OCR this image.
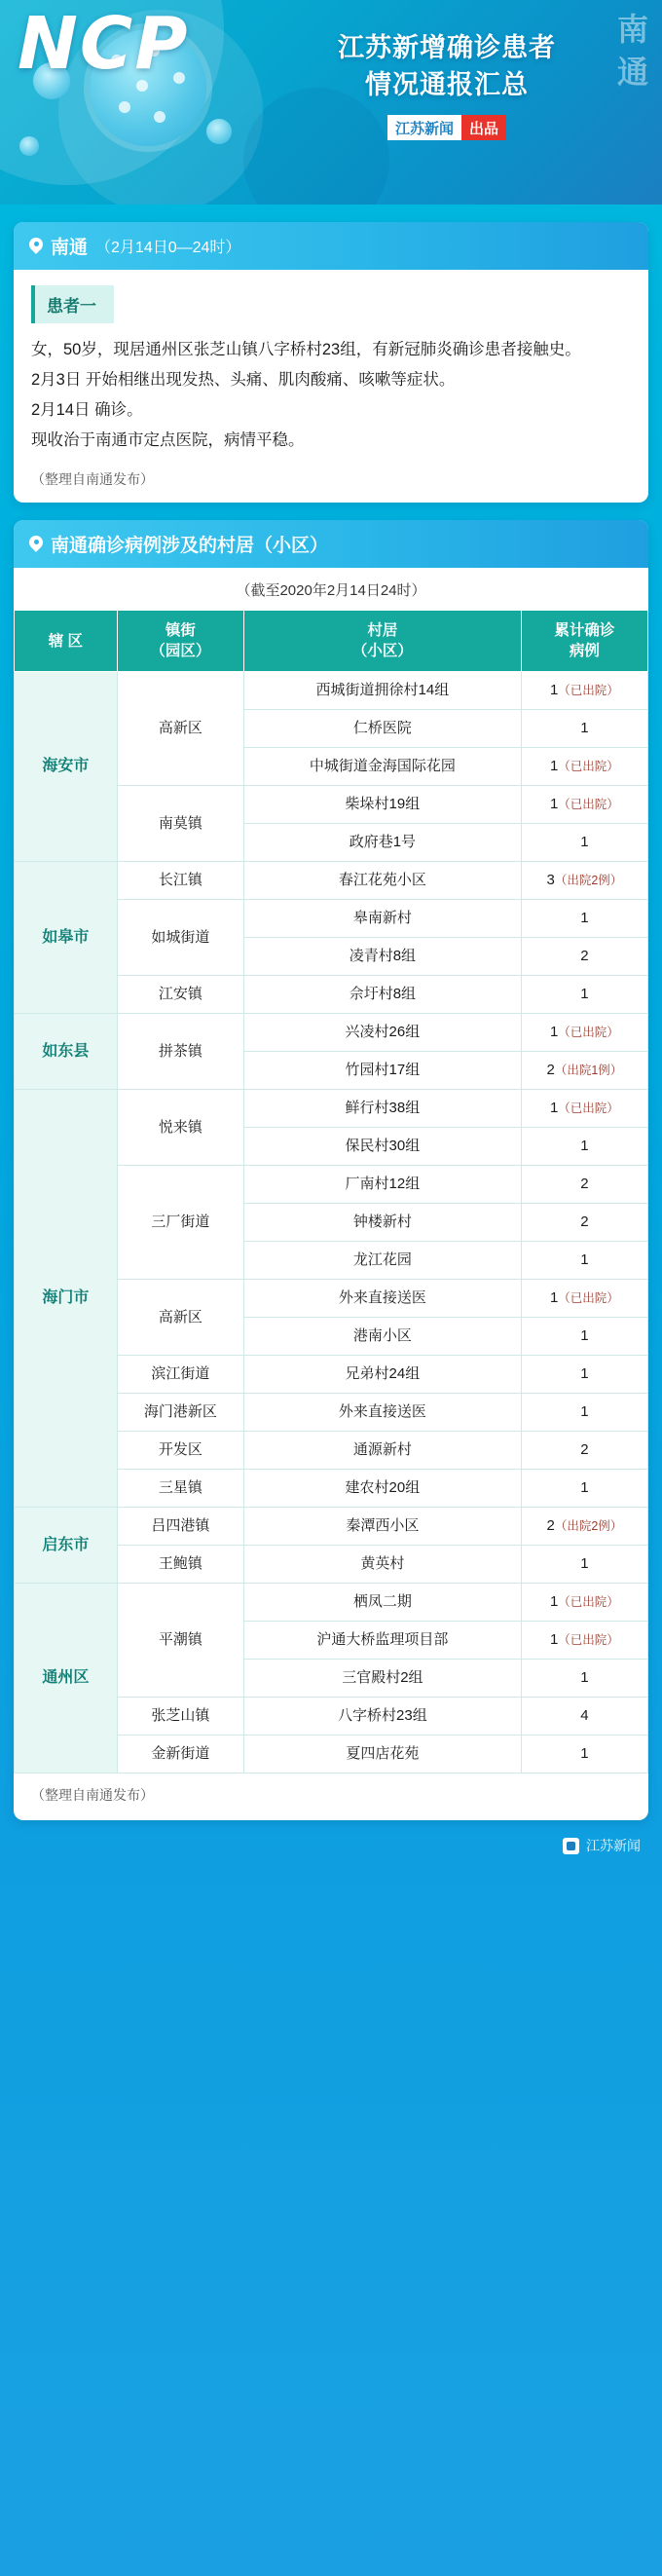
NCP	江苏新增确诊患者
情况通报汇总
江苏新闻	出品
南通
南通 （2月14日0—24时）
患者一
女，50岁，现居通州区张芝山镇八字桥村23组，有新冠肺炎确诊患者接触史。
2月3日 开始相继出现发热、头痛、肌肉酸痛、咳嗽等症状。
2月14日 确诊。
现收治于南通市定点医院，病情平稳。
（整理自南通发布）
南通确诊病例涉及的村居（小区）
（截至2020年2月14日24时）
辖 区

镇街
（园区）

村居
（小区）

累计确诊
病例

海安市	高新区	西城街道拥徐村14组	1（已出院）
		仁桥医院	1
		中城街道金海国际花园	1（已出院）
	南莫镇	柴垛村19组	1（已出院）
		政府巷1号	1
如皋市	长江镇	春江花苑小区	3（出院2例）
	如城街道	皋南新村	1
		凌青村8组	2
	江安镇	佘圩村8组	1
如东县	拼茶镇	兴凌村26组	1（已出院）
		竹园村17组	2（出院1例）
海门市	悦来镇	鲜行村38组	1（已出院）
		保民村30组	1
	三厂街道	厂南村12组	2
		钟楼新村	2
		龙江花园	1
	高新区	外来直接送医	1（已出院）
		港南小区	1
	滨江街道	兄弟村24组	1
	海门港新区	外来直接送医	1
	开发区	通源新村	2
	三星镇	建农村20组	1
启东市	吕四港镇	秦潭西小区	2（出院2例）
	王鲍镇	黄英村	1
通州区	平潮镇	栖凤二期	1（已出院）
		沪通大桥监理项目部	1（已出院）
		三官殿村2组	1
	张芝山镇	八字桥村23组	4
	金新街道	夏四店花苑	1
（整理自南通发布）
江苏新闻
